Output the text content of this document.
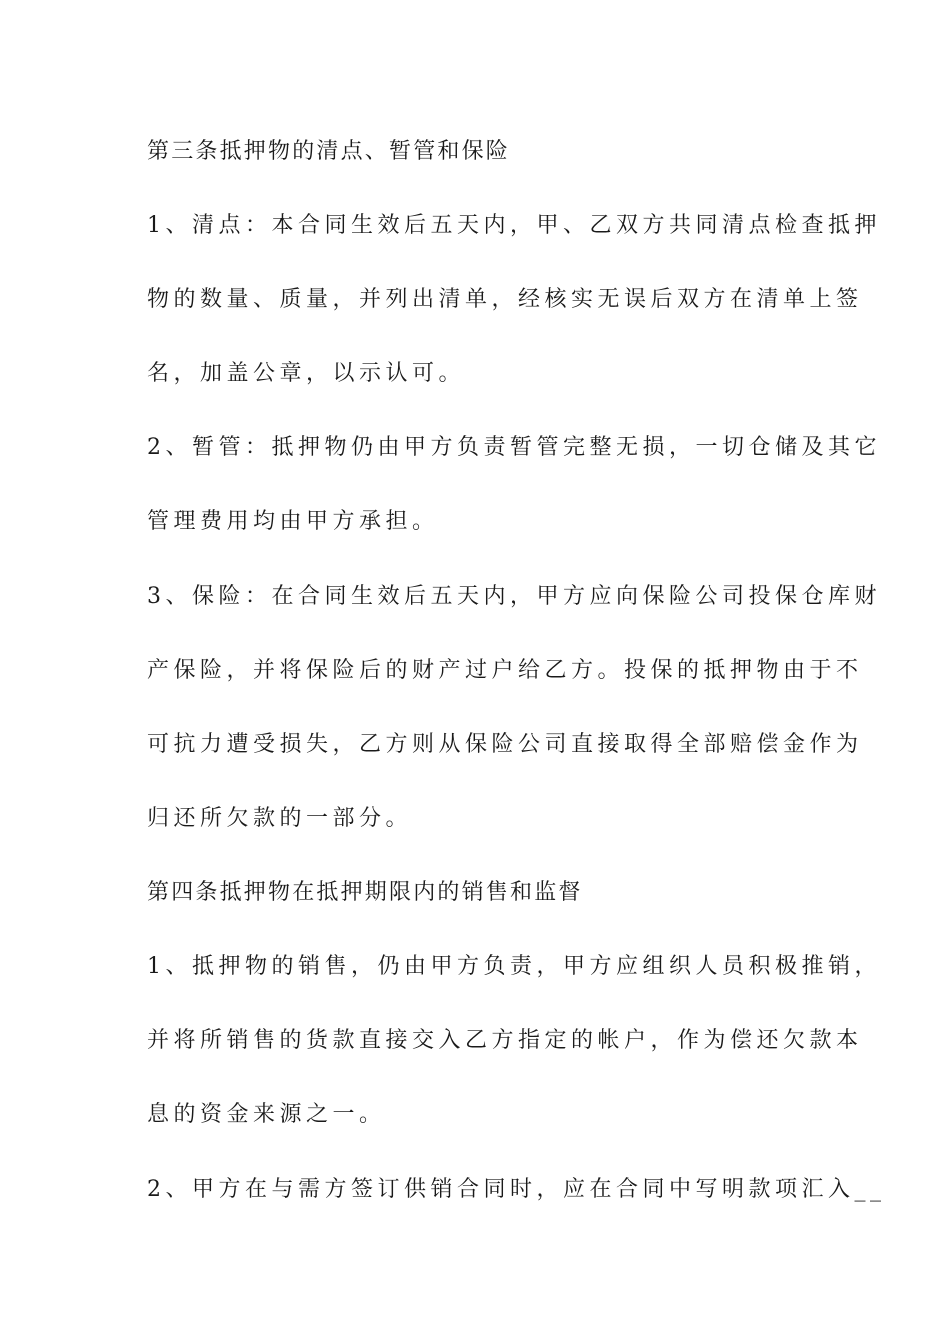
第三条抵押物的清点、暂管和保险
1、清点：本合同生效后五天内，甲、乙双方共同清点检查抵押
物的数量、质量，并列出清单，经核实无误后双方在清单上签
名，加盖公章，以示认可。
2、暂管：抵押物仍由甲方负责暂管完整无损，一切仓储及其它
管理费用均由甲方承担。
3、保险：在合同生效后五天内，甲方应向保险公司投保仓库财
产保险，并将保险后的财产过户给乙方。投保的抵押物由于不
可抗力遭受损失，乙方则从保险公司直接取得全部赔偿金作为
归还所欠款的一部分。
第四条抵押物在抵押期限内的销售和监督
1、抵押物的销售，仍由甲方负责，甲方应组织人员积极推销，
并将所销售的货款直接交入乙方指定的帐户，作为偿还欠款本
息的资金来源之一。
2、甲方在与需方签订供销合同时，应在合同中写明款项汇入__
